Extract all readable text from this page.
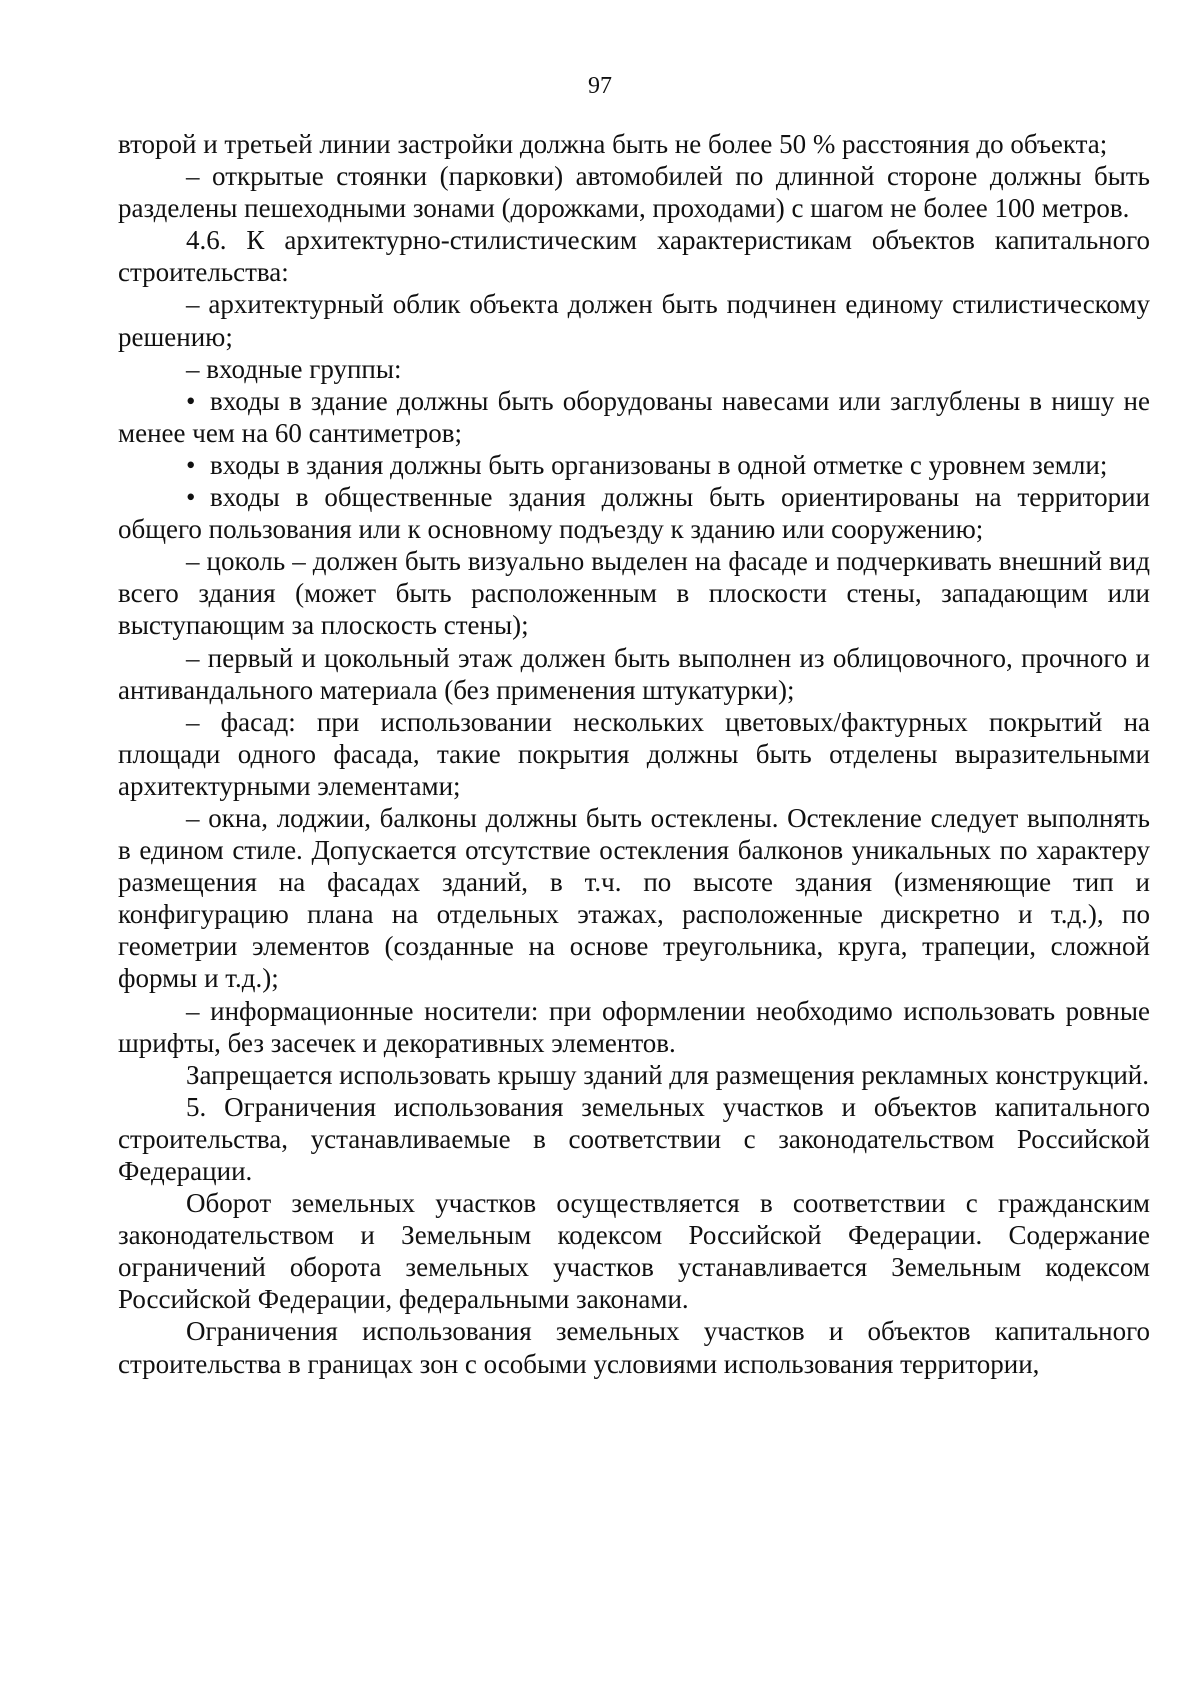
97

второй и третьей линии застройки должна быть не более 50 % расстояния до объекта;

– открытые стоянки (парковки) автомобилей по длинной стороне должны быть разделены пешеходными зонами (дорожками, проходами) с шагом не более 100 метров.

4.6. К архитектурно-стилистическим характеристикам объектов капитального строительства:

– архитектурный облик объекта должен быть подчинен единому стилистическому решению;

– входные группы:

• входы в здание должны быть оборудованы навесами или заглублены в нишу не менее чем на 60 сантиметров;

• входы в здания должны быть организованы в одной отметке с уровнем земли;

• входы в общественные здания должны быть ориентированы на территории общего пользования или к основному подъезду к зданию или сооружению;

– цоколь – должен быть визуально выделен на фасаде и подчеркивать внешний вид всего здания (может быть расположенным в плоскости стены, западающим или выступающим за плоскость стены);

– первый и цокольный этаж должен быть выполнен из облицовочного, прочного и антивандального материала (без применения штукатурки);

– фасад: при использовании нескольких цветовых/фактурных покрытий на площади одного фасада, такие покрытия должны быть отделены выразительными архитектурными элементами;

– окна, лоджии, балконы должны быть остеклены. Остекление следует выполнять в едином стиле. Допускается отсутствие остекления балконов уникальных по характеру размещения на фасадах зданий, в т.ч. по высоте здания (изменяющие тип и конфигурацию плана на отдельных этажах, расположенные дискретно и т.д.), по геометрии элементов (созданные на основе треугольника, круга, трапеции, сложной формы и т.д.);

– информационные носители: при оформлении необходимо использовать ровные шрифты, без засечек и декоративных элементов.

Запрещается использовать крышу зданий для размещения рекламных конструкций.

5. Ограничения использования земельных участков и объектов капитального строительства, устанавливаемые в соответствии с законодательством Российской Федерации.

Оборот земельных участков осуществляется в соответствии с гражданским законодательством и Земельным кодексом Российской Федерации. Содержание ограничений оборота земельных участков устанавливается Земельным кодексом Российской Федерации, федеральными законами.

Ограничения использования земельных участков и объектов капитального строительства в границах зон с особыми условиями использования территории,
